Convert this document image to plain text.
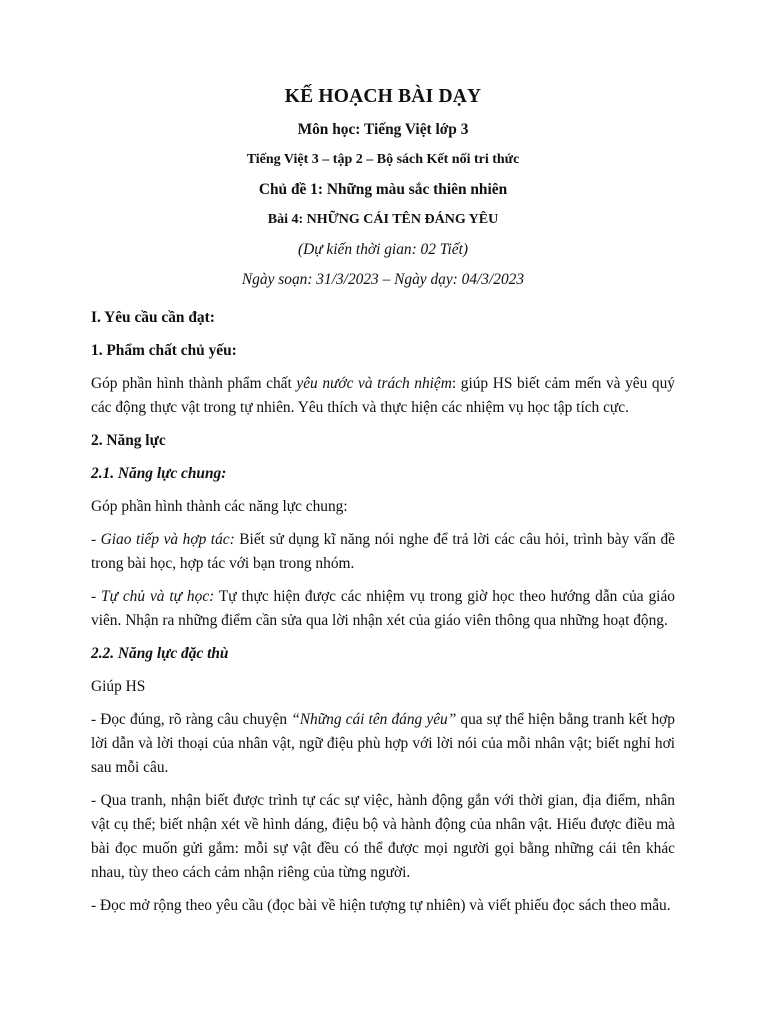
KẾ HOẠCH BÀI DẠY
Môn học: Tiếng Việt lớp 3
Tiếng Việt 3 – tập 2 – Bộ sách Kết nối tri thức
Chủ đề 1: Những màu sắc thiên nhiên
Bài 4: NHỮNG CÁI TÊN ĐÁNG YÊU
(Dự kiến thời gian: 02 Tiết)
Ngày soạn: 31/3/2023 – Ngày dạy: 04/3/2023
I. Yêu cầu cần đạt:
1. Phẩm chất chủ yếu:

Góp phần hình thành phẩm chất yêu nước và trách nhiệm: giúp HS biết cảm mến và yêu quý các động thực vật trong tự nhiên. Yêu thích và thực hiện các nhiệm vụ học tập tích cực.

2. Năng lực
2.1. Năng lực chung:

Góp phần hình thành các năng lực chung:

- Giao tiếp và hợp tác: Biết sử dụng kĩ năng nói nghe để trả lời các câu hỏi, trình bày vấn đề trong bài học, hợp tác với bạn trong nhóm.

- Tự chủ và tự học: Tự thực hiện được các nhiệm vụ trong giờ học theo hướng dẫn của giáo viên. Nhận ra những điểm cần sửa qua lời nhận xét của giáo viên thông qua những hoạt động.

2.2. Năng lực đặc thù

Giúp HS

- Đọc đúng, rõ ràng câu chuyện “Những cái tên đáng yêu” qua sự thể hiện bằng tranh kết hợp lời dẫn và lời thoại của nhân vật, ngữ điệu phù hợp với lời nói của mỗi nhân vật; biết nghỉ hơi sau mỗi câu.

- Qua tranh, nhận biết được trình tự các sự việc, hành động gắn với thời gian, địa điểm, nhân vật cụ thể; biết nhận xét về hình dáng, điệu bộ và hành động của nhân vật. Hiểu được điều mà bài đọc muốn gửi gắm: mỗi sự vật đều có thể được mọi người gọi bằng những cái tên khác nhau, tùy theo cách cảm nhận riêng của từng người.

- Đọc mở rộng theo yêu cầu (đọc bài về hiện tượng tự nhiên) và viết phiếu đọc sách theo mẫu.
